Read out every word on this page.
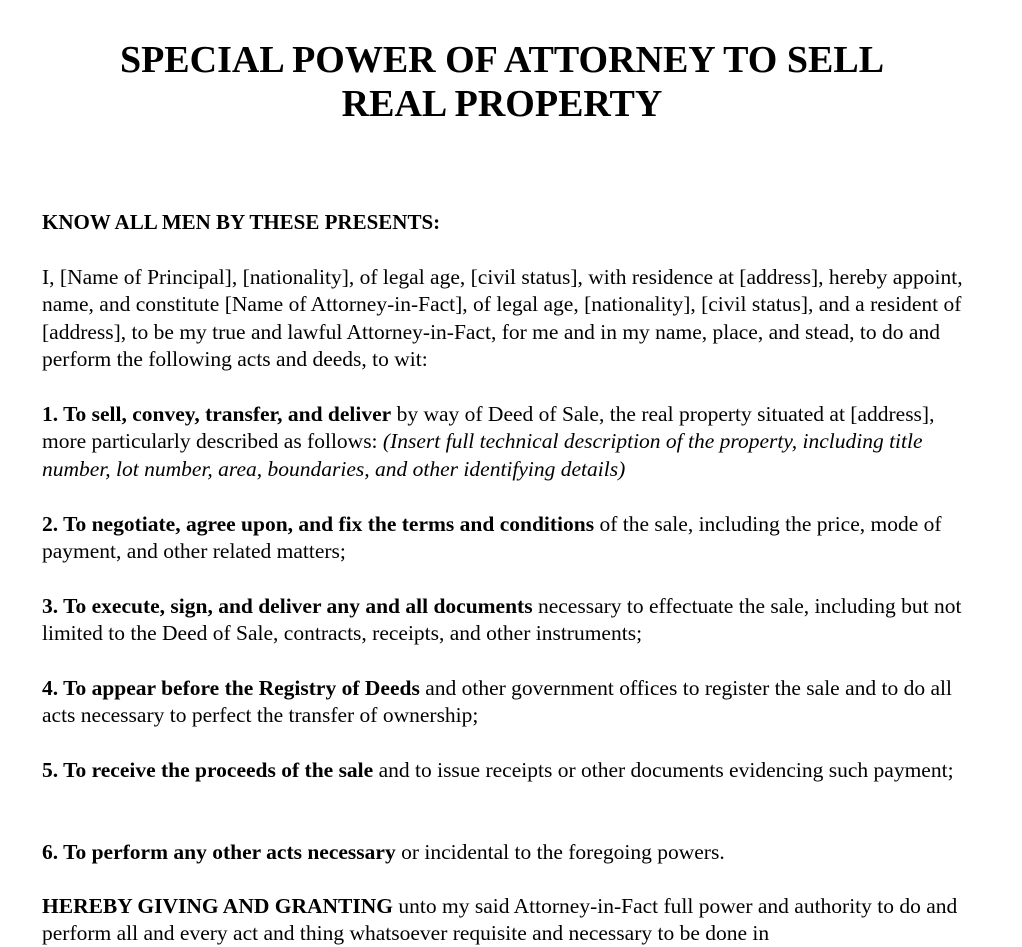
SPECIAL POWER OF ATTORNEY TO SELL
REAL PROPERTY

KNOW ALL MEN BY THESE PRESENTS:

I, [Name of Principal], [nationality], of legal age, [civil status], with residence at [address], hereby appoint, name, and constitute [Name of Attorney-in-Fact], of legal age, [nationality], [civil status], and a resident of [address], to be my true and lawful Attorney-in-Fact, for me and in my name, place, and stead, to do and perform the following acts and deeds, to wit:

1. To sell, convey, transfer, and deliver by way of Deed of Sale, the real property situated at [address], more particularly described as follows: (Insert full technical description of the property, including title number, lot number, area, boundaries, and other identifying details)

2. To negotiate, agree upon, and fix the terms and conditions of the sale, including the price, mode of payment, and other related matters;

3. To execute, sign, and deliver any and all documents necessary to effectuate the sale, including but not limited to the Deed of Sale, contracts, receipts, and other instruments;

4. To appear before the Registry of Deeds and other government offices to register the sale and to do all acts necessary to perfect the transfer of ownership;

5. To receive the proceeds of the sale and to issue receipts or other documents evidencing such payment;

6. To perform any other acts necessary or incidental to the foregoing powers.

HEREBY GIVING AND GRANTING unto my said Attorney-in-Fact full power and authority to do and perform all and every act and thing whatsoever requisite and necessary to be done in
